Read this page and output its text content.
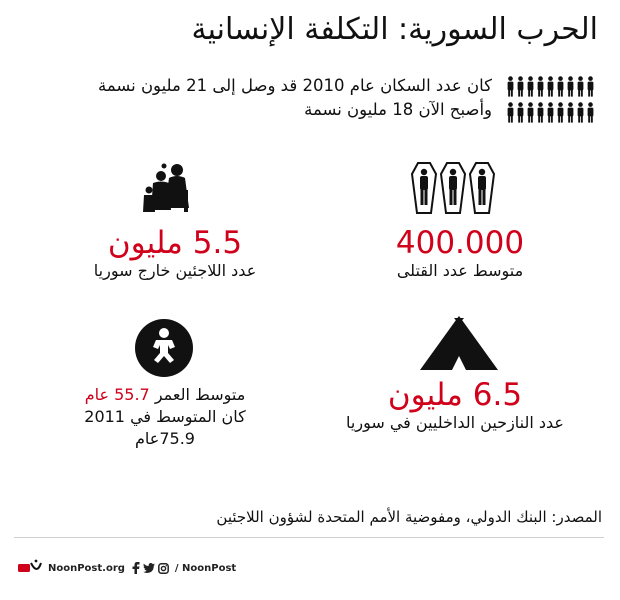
الحرب السورية: التكلفة الإنسانية
كان عدد السكان عام 2010 قد وصل إلى 21 مليون نسمة
وأصبح الآن 18 مليون نسمة
400.000
متوسط عدد القتلى
5.5 مليون
عدد اللاجئين خارج سوريا
6.5 مليون
عدد النازحين الداخليين في سوريا
متوسط العمر 55.7 عام
كان المتوسط في 2011
75.9عام
المصدر: البنك الدولي، ومفوضية الأمم المتحدة لشؤون اللاجئين
NoonPost.org	/ NoonPost
